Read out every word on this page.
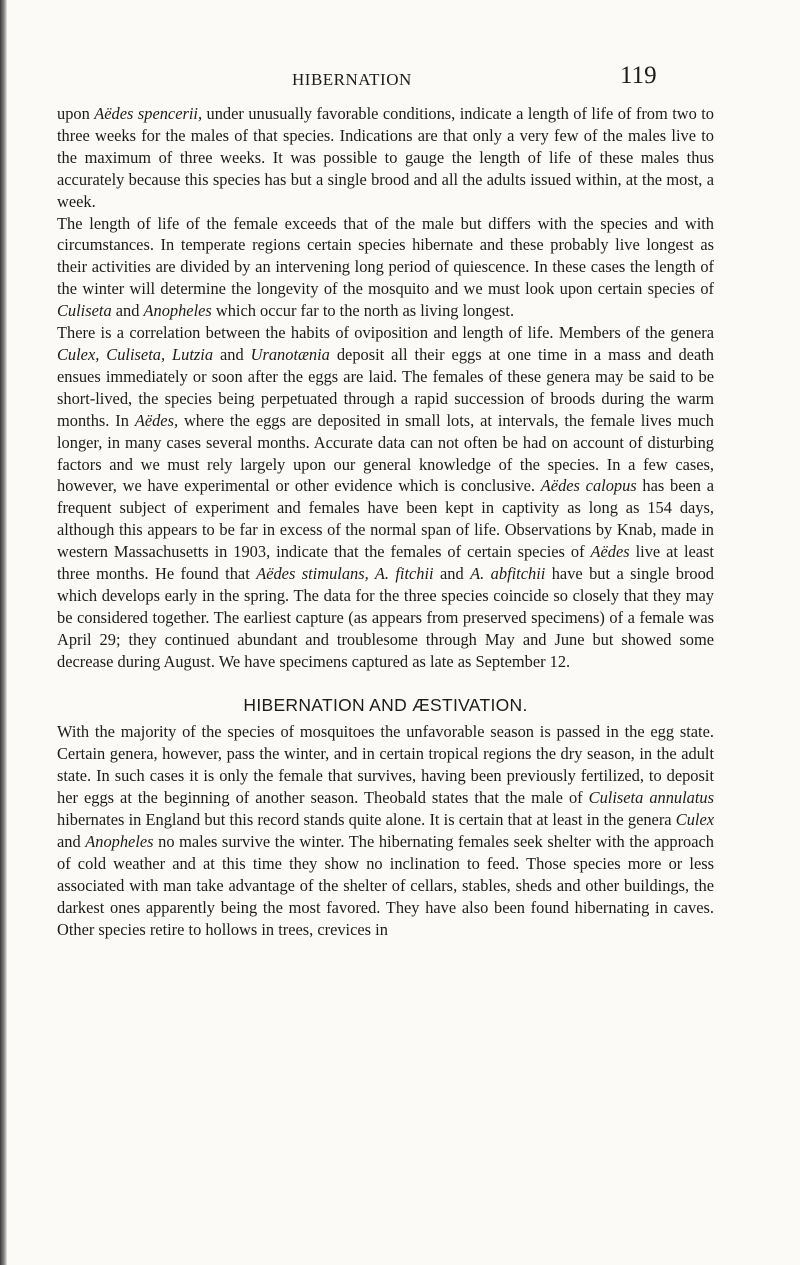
HIBERNATION	119

upon Aëdes spencerii, under unusually favorable conditions, indicate a length of life of from two to three weeks for the males of that species. Indications are that only a very few of the males live to the maximum of three weeks. It was possible to gauge the length of life of these males thus accurately because this species has but a single brood and all the adults issued within, at the most, a week.

The length of life of the female exceeds that of the male but differs with the species and with circumstances. In temperate regions certain species hibernate and these probably live longest as their activities are divided by an intervening long period of quiescence. In these cases the length of the winter will determine the longevity of the mosquito and we must look upon certain species of Culiseta and Anopheles which occur far to the north as living longest.

There is a correlation between the habits of oviposition and length of life. Members of the genera Culex, Culiseta, Lutzia and Uranotænia deposit all their eggs at one time in a mass and death ensues immediately or soon after the eggs are laid. The females of these genera may be said to be short-lived, the species being perpetuated through a rapid succession of broods during the warm months. In Aëdes, where the eggs are deposited in small lots, at intervals, the female lives much longer, in many cases several months. Accurate data can not often be had on account of disturbing factors and we must rely largely upon our general knowledge of the species. In a few cases, however, we have experimental or other evidence which is conclusive. Aëdes calopus has been a frequent subject of experiment and females have been kept in captivity as long as 154 days, although this appears to be far in excess of the normal span of life. Observations by Knab, made in western Massachusetts in 1903, indicate that the females of certain species of Aëdes live at least three months. He found that Aëdes stimulans, A. fitchii and A. abfitchii have but a single brood which develops early in the spring. The data for the three species coincide so closely that they may be considered together. The earliest capture (as appears from preserved specimens) of a female was April 29; they continued abundant and troublesome through May and June but showed some decrease during August. We have specimens captured as late as September 12.

HIBERNATION AND ÆSTIVATION.

With the majority of the species of mosquitoes the unfavorable season is passed in the egg state. Certain genera, however, pass the winter, and in certain tropical regions the dry season, in the adult state. In such cases it is only the female that survives, having been previously fertilized, to deposit her eggs at the beginning of another season. Theobald states that the male of Culiseta annulatus hibernates in England but this record stands quite alone. It is certain that at least in the genera Culex and Anopheles no males survive the winter. The hibernating females seek shelter with the approach of cold weather and at this time they show no inclination to feed. Those species more or less associated with man take advantage of the shelter of cellars, stables, sheds and other buildings, the darkest ones apparently being the most favored. They have also been found hibernating in caves. Other species retire to hollows in trees, crevices in
